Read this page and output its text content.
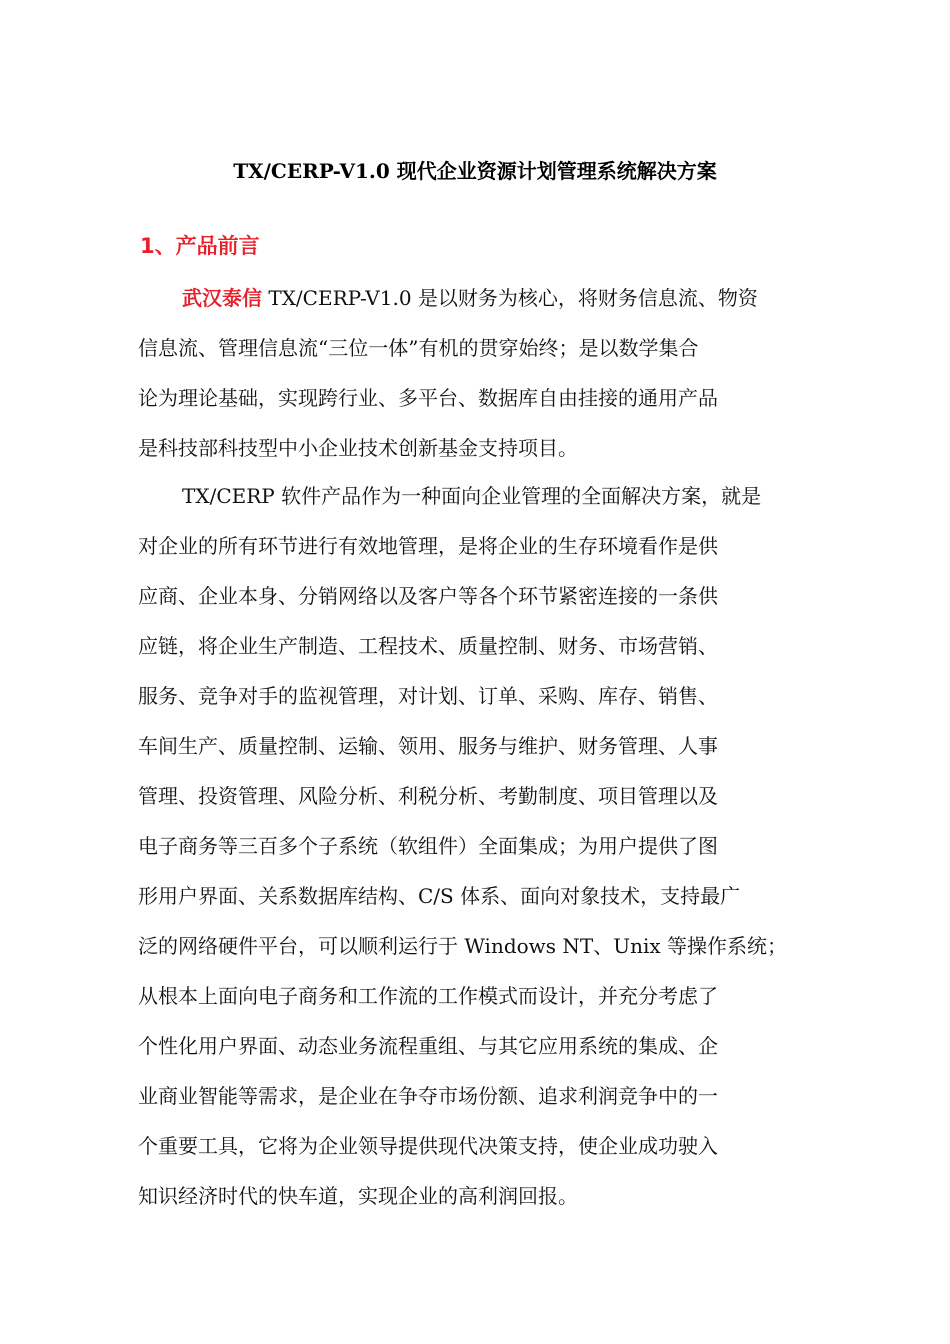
TX/CERP-V1.0 现代企业资源计划管理系统解决方案
1、产品前言
武汉泰信 TX/CERP-V1.0 是以财务为核心，将财务信息流、物资
信息流、管理信息流“三位一体”有机的贯穿始终；是以数学集合
论为理论基础，实现跨行业、多平台、数据库自由挂接的通用产品
是科技部科技型中小企业技术创新基金支持项目。
TX/CERP 软件产品作为一种面向企业管理的全面解决方案，就是
对企业的所有环节进行有效地管理，是将企业的生存环境看作是供
应商、企业本身、分销网络以及客户等各个环节紧密连接的一条供
应链，将企业生产制造、工程技术、质量控制、财务、市场营销、
服务、竞争对手的监视管理，对计划、订单、采购、库存、销售、
车间生产、质量控制、运输、领用、服务与维护、财务管理、人事
管理、投资管理、风险分析、利税分析、考勤制度、项目管理以及
电子商务等三百多个子系统（软组件）全面集成；为用户提供了图
形用户界面、关系数据库结构、C/S 体系、面向对象技术，支持最广
泛的网络硬件平台，可以顺利运行于 Windows NT、Unix 等操作系统；
从根本上面向电子商务和工作流的工作模式而设计，并充分考虑了
个性化用户界面、动态业务流程重组、与其它应用系统的集成、企
业商业智能等需求，是企业在争夺市场份额、追求利润竞争中的一
个重要工具，它将为企业领导提供现代决策支持，使企业成功驶入
知识经济时代的快车道，实现企业的高利润回报。
